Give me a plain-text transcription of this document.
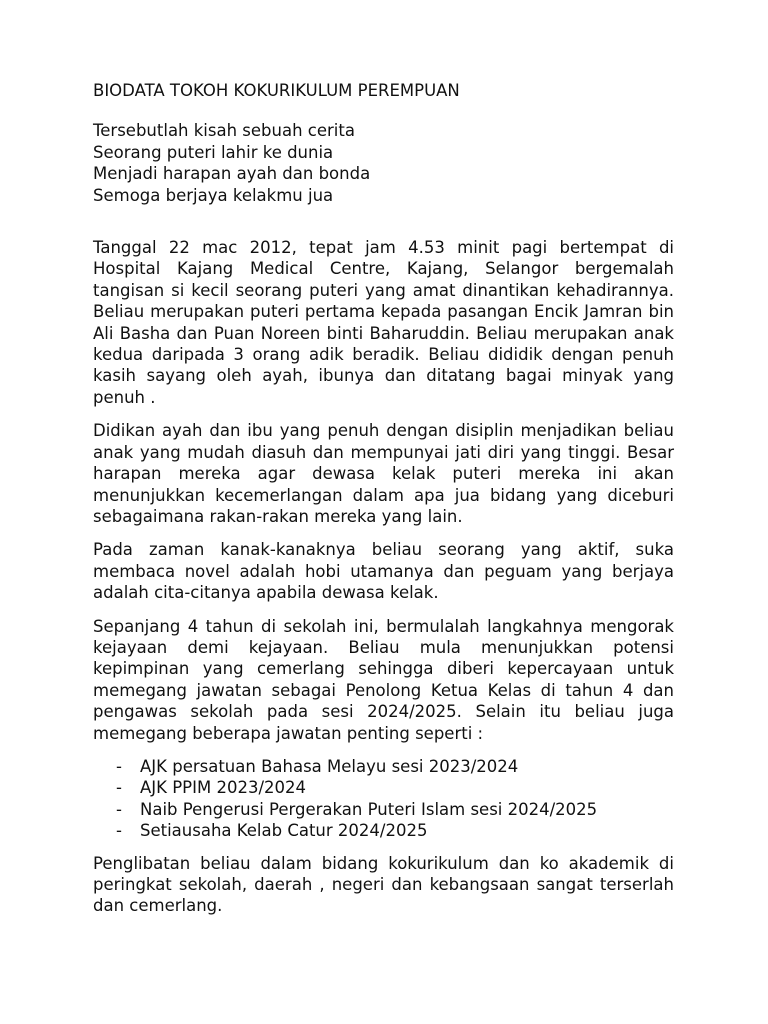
BIODATA TOKOH KOKURIKULUM PEREMPUAN
Tersebutlah kisah sebuah cerita
Seorang puteri lahir ke dunia
Menjadi harapan ayah dan bonda
Semoga berjaya kelakmu jua

Tanggal 22 mac 2012, tepat jam 4.53 minit pagi bertempat di Hospital Kajang Medical Centre, Kajang, Selangor bergemalah tangisan si kecil seorang puteri yang amat dinantikan kehadirannya. Beliau merupakan puteri pertama kepada pasangan Encik Jamran bin Ali Basha dan Puan Noreen binti Baharuddin. Beliau merupakan anak kedua daripada 3 orang adik beradik. Beliau dididik dengan penuh kasih sayang oleh ayah, ibunya dan ditatang bagai minyak yang penuh .

Didikan ayah dan ibu yang penuh dengan disiplin menjadikan beliau anak yang mudah diasuh dan mempunyai jati diri yang tinggi. Besar harapan mereka agar dewasa kelak puteri mereka ini akan menunjukkan kecemerlangan dalam apa jua bidang yang diceburi sebagaimana rakan-rakan mereka yang lain.

Pada zaman kanak-kanaknya beliau seorang yang aktif, suka membaca novel adalah hobi utamanya dan peguam yang berjaya adalah cita-citanya apabila dewasa kelak.

Sepanjang 4 tahun di sekolah ini, bermulalah langkahnya mengorak kejayaan demi kejayaan. Beliau mula menunjukkan potensi kepimpinan yang cemerlang sehingga diberi kepercayaan untuk memegang jawatan sebagai Penolong Ketua Kelas di tahun 4 dan pengawas sekolah pada sesi 2024/2025. Selain itu beliau juga memegang beberapa jawatan penting seperti :

- AJK persatuan Bahasa Melayu sesi 2023/2024
- AJK PPIM 2023/2024
- Naib Pengerusi Pergerakan Puteri Islam sesi 2024/2025
- Setiausaha Kelab Catur 2024/2025

Penglibatan beliau dalam bidang kokurikulum dan ko akademik di peringkat sekolah, daerah , negeri dan kebangsaan sangat terserlah dan cemerlang.
